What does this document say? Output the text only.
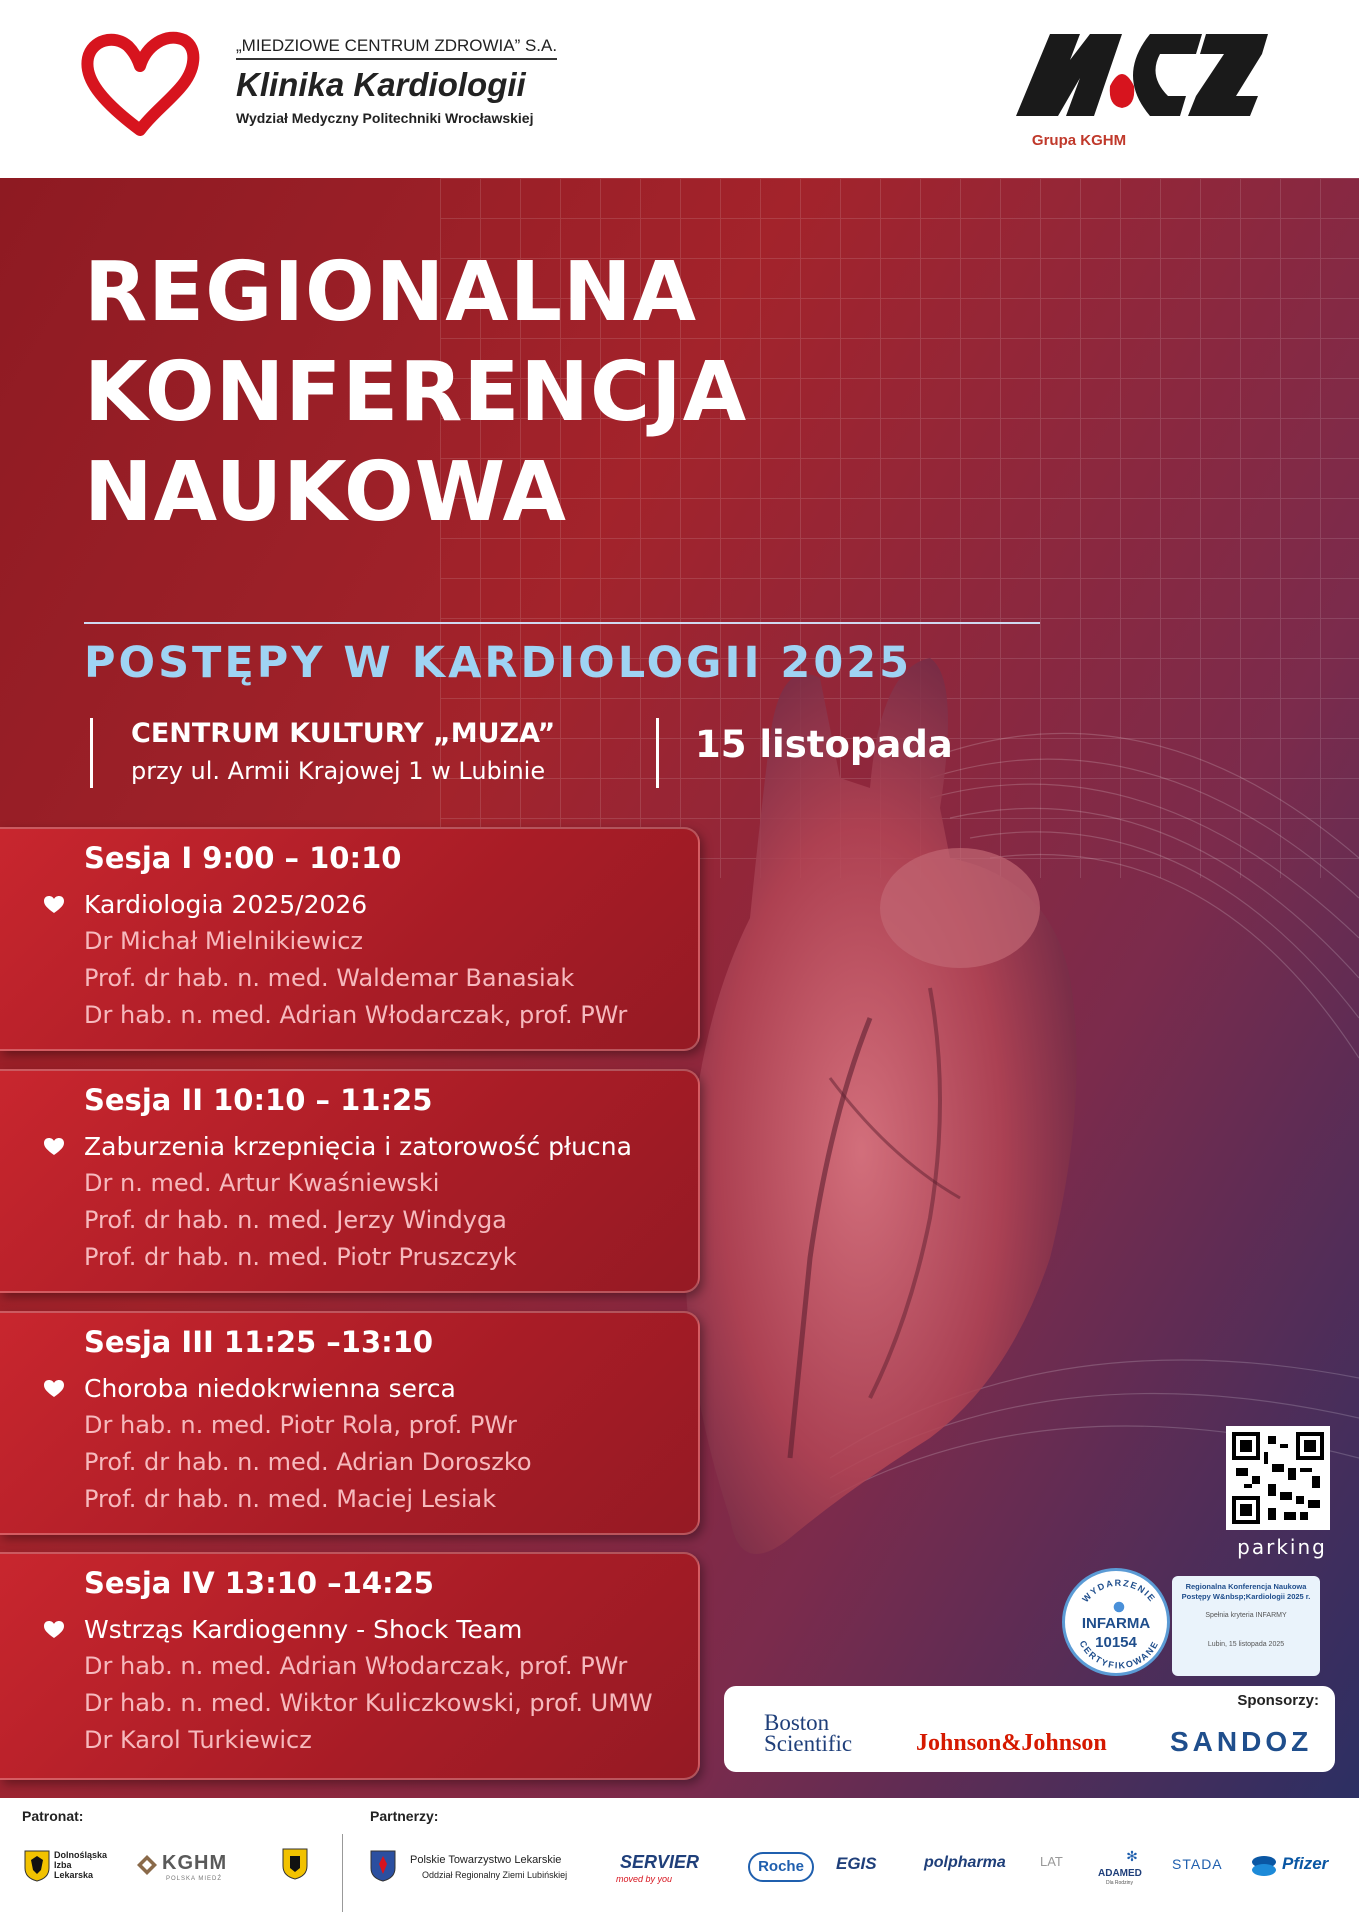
„MIEDZIOWE CENTRUM ZDROWIA” S.A.
Klinika Kardiologii
Wydział Medyczny Politechniki Wrocławskiej
Grupa KGHM
REGIONALNA
KONFERENCJA
NAUKOWA
POSTĘPY W KARDIOLOGII 2025
CENTRUM KULTURY „MUZA”
przy ul. Armii Krajowej 1 w Lubinie
15 listopada
Sesja I 9:00 – 10:10
Kardiologia 2025/2026
Dr Michał Mielnikiewicz
Prof. dr hab. n. med. Waldemar Banasiak
Dr hab. n. med. Adrian Włodarczak, prof. PWr
Sesja II 10:10 – 11:25
Zaburzenia krzepnięcia i zatorowość płucna
Dr n. med. Artur Kwaśniewski
Prof. dr hab. n. med. Jerzy Windyga
Prof. dr hab. n. med. Piotr Pruszczyk
Sesja III 11:25 –13:10
Choroba niedokrwienna serca
Dr hab. n. med. Piotr Rola, prof. PWr
Prof. dr hab. n. med. Adrian Doroszko
Prof. dr hab. n. med. Maciej Lesiak
Sesja IV 13:10 –14:25
Wstrząs Kardiogenny - Shock Team
Dr hab. n. med. Adrian Włodarczak, prof. PWr
Dr hab. n. med. Wiktor Kuliczkowski, prof. UMW
Dr Karol Turkiewicz
parking
WYDARZENIE
CERTYFIKOWANE
INFARMA
10154
Regionalna Konferencja Naukowa Postępy W&nbsp;Kardiologii 2025 r.
Spełnia kryteria INFARMY
Lubin, 15 listopada 2025
Sponsorzy:
Boston
Scientific	Johnson&Johnson SANDOZ
Patronat:	Partnerzy:
Dolnośląska
Izba
Lekarska
KGHM
POLSKA MIEDŹ
Polskie Towarzystwo Lekarskie
Oddział Regionalny Ziemi Lubińskiej
SERVIER
moved by you
Roche	EGIS	polpharma	LAT	✻
ADAMED
Dla Rodziny
STADA	Pfizer
